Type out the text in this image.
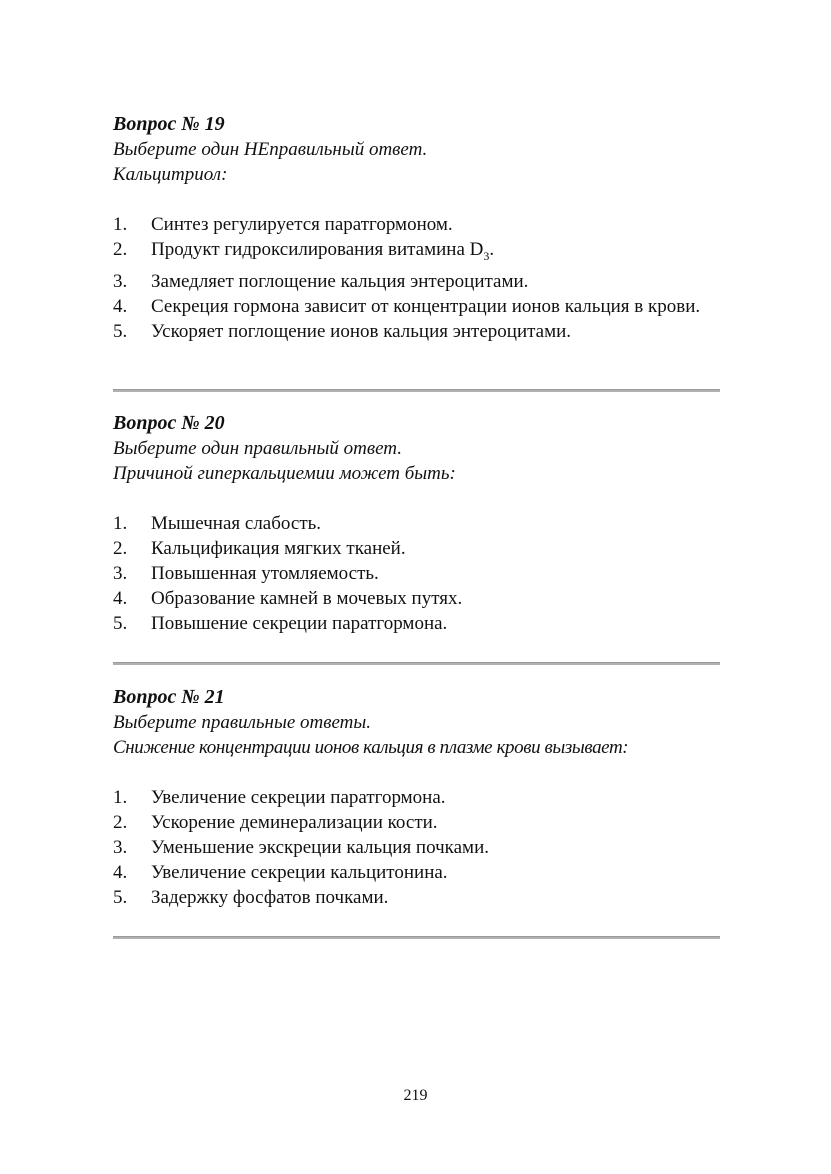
Вопрос № 19

Выберите один НЕправильный ответ.

Кальцитриол:

1.	Синтез регулируется паратгормоном.
2.	Продукт гидроксилирования витамина $D_3$.
3.	Замедляет поглощение кальция энтероцитами.
4.	Секреция гормона зависит от концентрации ионов кальция в крови.
5.	Ускоряет поглощение ионов кальция энтероцитами.

Вопрос № 20

Выберите один правильный ответ.

Причиной гиперкальциемии может быть:

1.	Мышечная слабость.
2.	Кальцификация мягких тканей.
3.	Повышенная утомляемость.
4.	Образование камней в мочевых путях.
5.	Повышение секреции паратгормона.

Вопрос № 21

Выберите правильные ответы.

Снижение концентрации ионов кальция в плазме крови вызывает:

1.	Увеличение секреции паратгормона.
2.	Ускорение деминерализации кости.
3.	Уменьшение экскреции кальция почками.
4.	Увеличение секреции кальцитонина.
5.	Задержку фосфатов почками.
219
